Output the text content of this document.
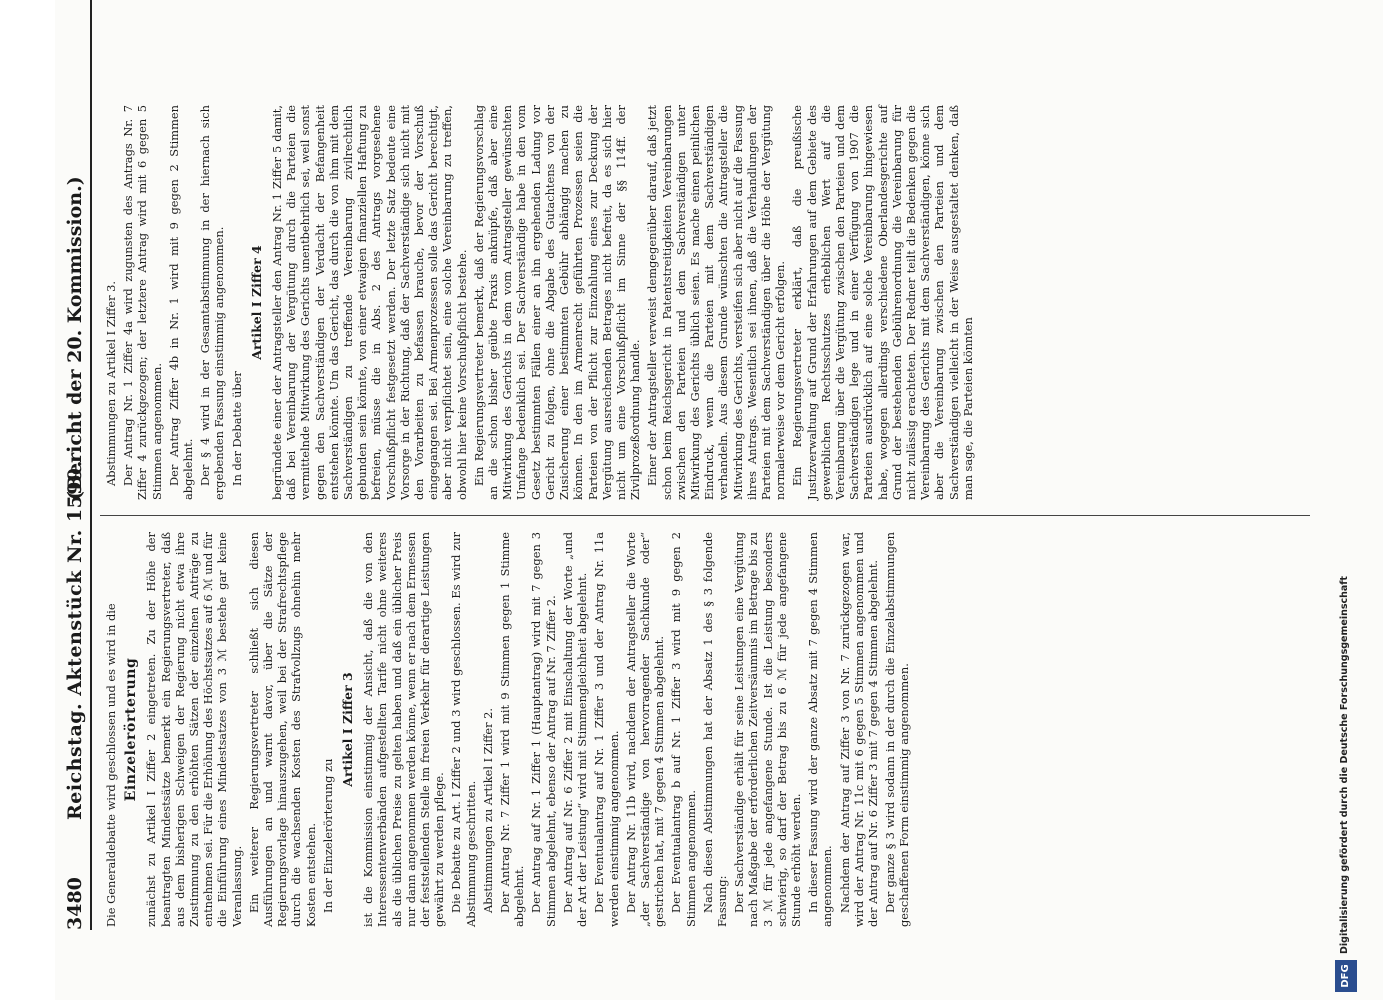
3480
Reichstag. Aktenstück Nr. 1599.
(Bericht der 20. Kommission.)

Die Generaldebatte wird geschlossen und es wird in die Einzelerörterung zunächst zu Artikel I Ziffer 2 eingetreten. Zu der Höhe der beantragten Mindestsätze bemerkt ein Regierungsvertreter, daß aus dem bisherigen Schweigen der Regierung nicht etwa ihre Zustimmung zu den erhöhten Sätzen der einzelnen Anträge zu entnehmen sei. Für die Erhöhung des Höchstsatzes auf 6 ℳ und für die Einführung eines Mindestsatzes von 3 ℳ bestehe gar keine Veranlassung. Ein weiterer Regierungsvertreter schließt sich diesen Ausführungen an und warnt davor, über die Sätze der Regierungsvorlage hinauszugehen, weil bei der Strafrechtspflege durch die wachsenden Kosten des Strafvollzugs ohnehin mehr Kosten entstehen. In der Einzelerörterung zu

Artikel I Ziffer 3 ist die Kommission einstimmig der Ansicht, daß die von den Interessentenverbänden aufgestellten Tarife nicht ohne weiteres als die üblichen Preise zu gelten haben und daß ein üblicher Preis nur dann angenommen werden könne, wenn er nach dem Ermessen der feststellenden Stelle im freien Verkehr für derartige Leistungen gewährt zu werden pflege. Die Debatte zu Art. I Ziffer 2 und 3 wird geschlossen. Es wird zur Abstimmung geschritten. Abstimmungen zu Artikel I Ziffer 2. Der Antrag Nr. 7 Ziffer 1 wird mit 9 Stimmen gegen 1 Stimme abgelehnt. Der Antrag auf Nr. 1 Ziffer 1 (Hauptantrag) wird mit 7 gegen 3 Stimmen abgelehnt, ebenso der Antrag auf Nr. 7 Ziffer 2. Der Antrag auf Nr. 6 Ziffer 2 mit Einschaltung der Worte „und der Art der Leistung“ wird mit Stimmengleichheit abgelehnt. Der Eventualantrag auf Nr. 1 Ziffer 3 und der Antrag Nr. 11a werden einstimmig angenommen. Der Antrag Nr. 11b wird, nachdem der Antragsteller die Worte „der Sachverständige von hervorragender Sachkunde oder“ gestrichen hat, mit 7 gegen 4 Stimmen abgelehnt. Der Eventualantrag b auf Nr. 1 Ziffer 3 wird mit 9 gegen 2 Stimmen angenommen. Nach diesen Abstimmungen hat der Absatz 1 des § 3 folgende Fassung: Der Sachverständige erhält für seine Leistungen eine Vergütung nach Maßgabe der erforderlichen Zeitversäumnis im Betrage bis zu 3 ℳ für jede angefangene Stunde. Ist die Leistung besonders schwierig, so darf der Betrag bis zu 6 ℳ für jede angefangene Stunde erhöht werden. In dieser Fassung wird der ganze Absatz mit 7 gegen 4 Stimmen angenommen. Nachdem der Antrag auf Ziffer 3 von Nr. 7 zurückgezogen war, wird der Antrag Nr. 11c mit 6 gegen 5 Stimmen angenommen und der Antrag auf Nr. 6 Ziffer 3 mit 7 gegen 4 Stimmen abgelehnt. Der ganze § 3 wird sodann in der durch die Einzelabstimmungen geschaffenen Form einstimmig angenommen.

Abstimmungen zu Artikel I Ziffer 3. Der Antrag Nr. 1 Ziffer 4a wird zugunsten des Antrags Nr. 7 Ziffer 4 zurückgezogen; der letztere Antrag wird mit 6 gegen 5 Stimmen angenommen. Der Antrag Ziffer 4b in Nr. 1 wird mit 9 gegen 2 Stimmen abgelehnt. Der § 4 wird in der Gesamtabstimmung in der hiernach sich ergebenden Fassung einstimmig angenommen. In der Debatte über

Artikel I Ziffer 4 begründete einer der Antragsteller den Antrag Nr. 1 Ziffer 5 damit, daß bei Vereinbarung der Vergütung durch die Parteien die vermittelnde Mitwirkung des Gerichts unentbehrlich sei, weil sonst gegen den Sachverständigen der Verdacht der Befangenheit entstehen könnte. Um das Gericht, das durch die von ihm mit dem Sachverständigen zu treffende Vereinbarung zivilrechtlich gebunden sein könnte, von einer etwaigen finanziellen Haftung zu befreien, müsse die in Abs. 2 des Antrags vorgesehene Vorschußpflicht festgesetzt werden. Der letzte Satz bedeute eine Vorsorge in der Richtung, daß der Sachverständige sich nicht mit den Vorarbeiten zu befassen brauche, bevor der Vorschuß eingegangen sei. Bei Armenprozessen solle das Gericht berechtigt, aber nicht verpflichtet sein, eine solche Vereinbarung zu treffen, obwohl hier keine Vorschußpflicht bestehe. Ein Regierungsvertreter bemerkt, daß der Regierungsvorschlag an die schon bisher geübte Praxis anknüpfe, daß aber eine Mitwirkung des Gerichts in dem vom Antragsteller gewünschten Umfange bedenklich sei. Der Sachverständige habe in den vom Gesetz bestimmten Fällen einer an ihn ergehenden Ladung vor Gericht zu folgen, ohne die Abgabe des Gutachtens von der Zusicherung einer bestimmten Gebühr abhängig machen zu können. In den im Armenrecht geführten Prozessen seien die Parteien von der Pflicht zur Einzahlung eines zur Deckung der Vergütung ausreichenden Betrages nicht befreit, da es sich hier nicht um eine Vorschußpflicht im Sinne der §§ 114ff. der Zivilprozeßordnung handle. Einer der Antragsteller verweist demgegenüber darauf, daß jetzt schon beim Reichsgericht in Patentstreitigkeiten Vereinbarungen zwischen den Parteien und dem Sachverständigen unter Mitwirkung des Gerichts üblich seien. Es mache einen peinlichen Eindruck, wenn die Parteien mit dem Sachverständigen verhandeln. Aus diesem Grunde wünschten die Antragsteller die Mitwirkung des Gerichts, versteifen sich aber nicht auf die Fassung ihres Antrags. Wesentlich sei ihnen, daß die Verhandlungen der Parteien mit dem Sachverständigen über die Höhe der Vergütung normalerweise vor dem Gericht erfolgen. Ein Regierungsvertreter erklärt, daß die preußische Justizverwaltung auf Grund der Erfahrungen auf dem Gebiete des gewerblichen Rechtsschutzes erheblichen Wert auf die Vereinbarung über die Vergütung zwischen den Parteien und dem Sachverständigen lege und in einer Verfügung von 1907 die Parteien ausdrücklich auf eine solche Vereinbarung hingewiesen habe, wogegen allerdings verschiedene Oberlandesgerichte auf Grund der bestehenden Gebührenordnung die Vereinbarung für nicht zulässig erachteten. Der Redner teilt die Bedenken gegen die Vereinbarung des Gerichts mit dem Sachverständigen, könne sich aber die Vereinbarung zwischen den Parteien und dem Sachverständigen vielleicht in der Weise ausgestaltet denken, daß man sage, die Parteien könnten

DFG
Digitalisierung gefördert durch die Deutsche Forschungsgemeinschaft
